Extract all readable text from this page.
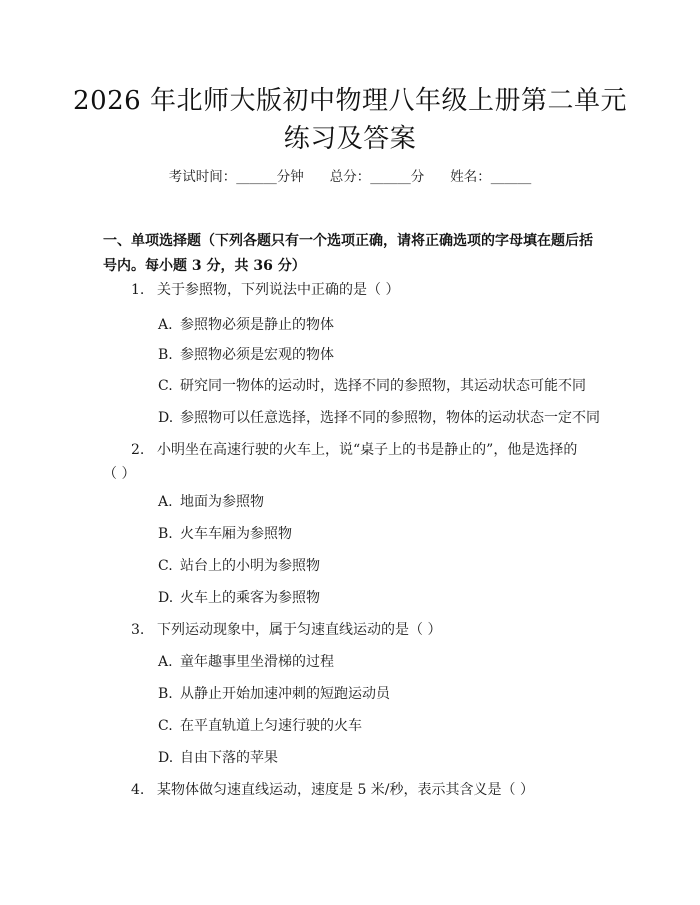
2026 年北师大版初中物理八年级上册第二单元练习及答案
考试时间：______分钟 总分：______分 姓名：______
一、单项选择题（下列各题只有一个选项正确，请将正确选项的字母填在题后括号内。每小题 3 分，共 36 分）
1. 关于参照物，下列说法中正确的是（ ）
A. 参照物必须是静止的物体
B. 参照物必须是宏观的物体
C. 研究同一物体的运动时，选择不同的参照物，其运动状态可能不同
D. 参照物可以任意选择，选择不同的参照物，物体的运动状态一定不同
2. 小明坐在高速行驶的火车上，说“桌子上的书是静止的”，他是选择的
（ ）
A. 地面为参照物
B. 火车车厢为参照物
C. 站台上的小明为参照物
D. 火车上的乘客为参照物
3. 下列运动现象中，属于匀速直线运动的是（ ）
A. 童年趣事里坐滑梯的过程
B. 从静止开始加速冲刺的短跑运动员
C. 在平直轨道上匀速行驶的火车
D. 自由下落的苹果
4. 某物体做匀速直线运动，速度是 5 米/秒，表示其含义是（ ）
